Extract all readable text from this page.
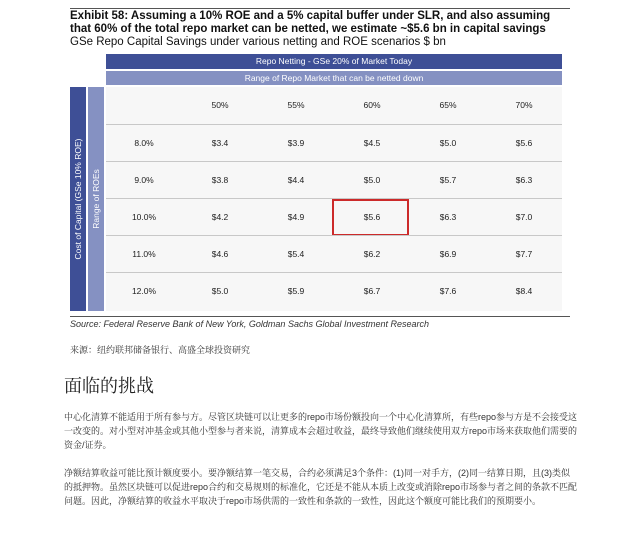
Exhibit 58: Assuming a 10% ROE and a 5% capital buffer under SLR, and also assuming
that 60% of the total repo market can be netted, we estimate ~$5.6 bn in capital savings
GSe Repo Capital Savings under various netting and ROE scenarios $ bn
Repo Netting - GSe 20% of Market Today
Range of Repo Market that can be netted down
Cost of Capital (GSe 10% ROE) Range of ROEs
50%	55%	60%	65%	70%
8.0%	$3.4	$3.9	$4.5	$5.0	$5.6
9.0%	$3.8	$4.4	$5.0	$5.7	$6.3
10.0%	$4.2	$4.9	$5.6	$6.3	$7.0
11.0%	$4.6	$5.4	$6.2	$6.9	$7.7
12.0%	$5.0	$5.9	$6.7	$7.6	$8.4
Source: Federal Reserve Bank of New York, Goldman Sachs Global Investment Research
来源：纽约联邦储备银行、高盛全球投资研究
面临的挑战
中心化清算不能适用于所有参与方。尽管区块链可以让更多的repo市场份额投向一个中心化清算所，有些repo参与方是不会接受这一改变的。对小型对冲基金或其他小型参与者来说，清算成本会超过收益，最终导致他们继续使用双方repo市场来获取他们需要的资金/证券。
净额结算收益可能比预计额度要小。要净额结算一笔交易，合约必须满足3个条件：(1)同一对手方，(2)同一结算日期，且(3)类似的抵押物。虽然区块链可以促进repo合约和交易规则的标准化，它还是不能从本质上改变或消除repo市场参与者之间的条款不匹配问题。因此，净额结算的收益水平取决于repo市场供需的一致性和条款的一致性，因此这个额度可能比我们的预期要小。
